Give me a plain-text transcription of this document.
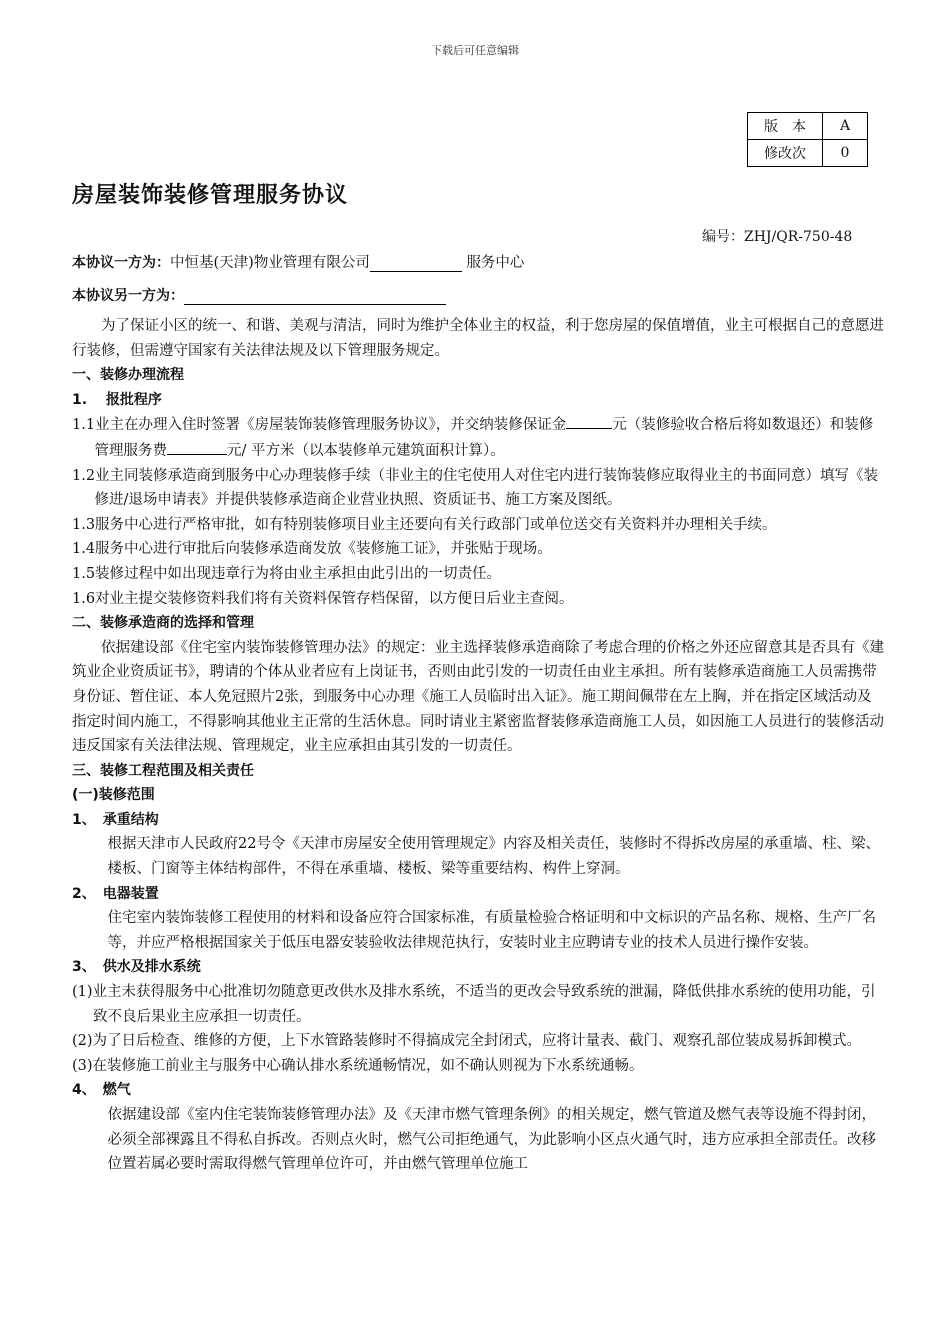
下载后可任意编辑
版　本	A
修改次	0
房屋装饰装修管理服务协议
编号：ZHJ/QR-750-48
本协议一方为：中恒基(天津)物业管理有限公司	服务中心
本协议另一方为：

为了保证小区的统一、和谐、美观与清洁，同时为维护全体业主的权益，利于您房屋的保值增值，业主可根据自己的意愿进行装修，但需遵守国家有关法律法规及以下管理服务规定。

一、装修办理流程

1.　 报批程序

1.1业主在办理入住时签署《房屋装饰装修管理服务协议》，并交纳装修保证金	元（装修验收合格后将如数退还）和装修管理服务费	元/ 平方米（以本装修单元建筑面积计算）。

1.2业主同装修承造商到服务中心办理装修手续（非业主的住宅使用人对住宅内进行装饰装修应取得业主的书面同意）填写《装修进/退场申请表》并提供装修承造商企业营业执照、资质证书、施工方案及图纸。

1.3服务中心进行严格审批，如有特别装修项目业主还要向有关行政部门或单位送交有关资料并办理相关手续。

1.4服务中心进行审批后向装修承造商发放《装修施工证》，并张贴于现场。

1.5装修过程中如出现违章行为将由业主承担由此引出的一切责任。

1.6对业主提交装修资料我们将有关资料保管存档保留，以方便日后业主查阅。

二、装修承造商的选择和管理

依据建设部《住宅室内装饰装修管理办法》的规定：业主选择装修承造商除了考虑合理的价格之外还应留意其是否具有《建筑业企业资质证书》，聘请的个体从业者应有上岗证书，否则由此引发的一切责任由业主承担。所有装修承造商施工人员需携带身份证、暂住证、本人免冠照片2张，到服务中心办理《施工人员临时出入证》。施工期间佩带在左上胸，并在指定区域活动及指定时间内施工，不得影响其他业主正常的生活休息。同时请业主紧密监督装修承造商施工人员，如因施工人员进行的装修活动违反国家有关法律法规、管理规定，业主应承担由其引发的一切责任。

三、装修工程范围及相关责任

(一)装修范围

1、　承重结构

根据天津市人民政府22号令《天津市房屋安全使用管理规定》内容及相关责任，装修时不得拆改房屋的承重墙、柱、梁、楼板、门窗等主体结构部件，不得在承重墙、楼板、梁等重要结构、构件上穿洞。

2、　电器装置

住宅室内装饰装修工程使用的材料和设备应符合国家标准，有质量检验合格证明和中文标识的产品名称、规格、生产厂名等，并应严格根据国家关于低压电器安装验收法律规范执行，安装时业主应聘请专业的技术人员进行操作安装。

3、　供水及排水系统

(1)业主未获得服务中心批准切勿随意更改供水及排水系统，不适当的更改会导致系统的泄漏，降低供排水系统的使用功能，引致不良后果业主应承担一切责任。

(2)为了日后检查、维修的方便，上下水管路装修时不得搞成完全封闭式，应将计量表、截门、观察孔部位装成易拆卸模式。

(3)在装修施工前业主与服务中心确认排水系统通畅情况，如不确认则视为下水系统通畅。

4、　燃气

依据建设部《室内住宅装饰装修管理办法》及《天津市燃气管理条例》的相关规定，燃气管道及燃气表等设施不得封闭，必须全部裸露且不得私自拆改。否则点火时，燃气公司拒绝通气，为此影响小区点火通气时，违方应承担全部责任。改移位置若属必要时需取得燃气管理单位许可，并由燃气管理单位施工
